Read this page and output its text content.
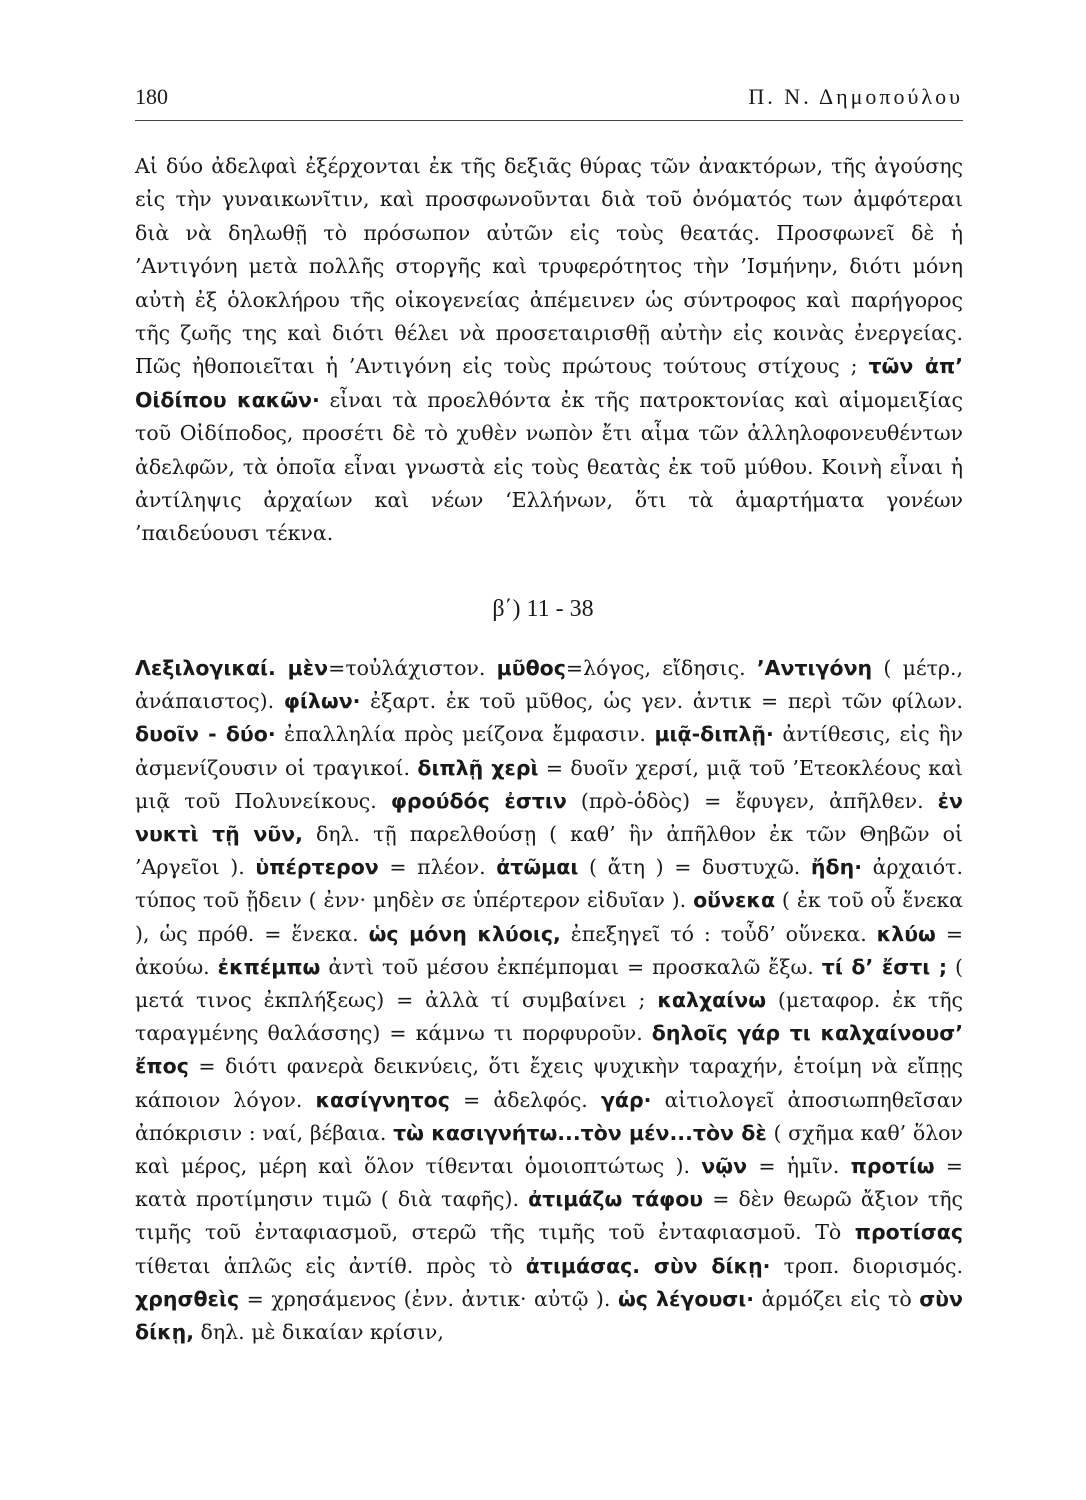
180	Π. Ν. Δημοπούλου
Αἱ δύο ἀδελφαὶ ἐξέρχονται ἐκ τῆς δεξιᾶς θύρας τῶν ἀνακτόρων, τῆς ἀγούσης εἰς τὴν γυναικωνῖτιν, καὶ προσφωνοῦνται διὰ τοῦ ὀνόματός των ἀμφότεραι διὰ νὰ δηλωθῇ τὸ πρόσωπον αὐτῶν εἰς τοὺς θεατάς. Προσφωνεῖ δὲ ἡ ’Αντιγόνη μετὰ πολλῆς στοργῆς καὶ τρυφερότητος τὴν ’Ισμήνην, διότι μόνη αὐτὴ ἐξ ὁλοκλήρου τῆς οἰκογενείας ἀπέμεινεν ὡς σύντροφος καὶ παρήγορος τῆς ζωῆς της καὶ διότι θέλει νὰ προσεταιρισθῇ αὐτὴν εἰς κοινὰς ἐνεργείας. Πῶς ἠθοποιεῖται ἡ ’Αντιγόνη εἰς τοὺς πρώτους τούτους στίχους ; τῶν ἀπ’ Οἰδίπου κακῶν· εἶναι τὰ προελθόντα ἐκ τῆς πατροκτονίας καὶ αἱμομειξίας τοῦ Οἰδίποδος, προσέτι δὲ τὸ χυθὲν νωπὸν ἔτι αἷμα τῶν ἀλληλοφονευθέντων ἀδελφῶν, τὰ ὁποῖα εἶναι γνωστὰ εἰς τοὺς θεατὰς ἐκ τοῦ μύθου. Κοινὴ εἶναι ἡ ἀντίληψις ἀρχαίων καὶ νέων ‘Ελλήνων, ὅτι τὰ ἁμαρτήματα γονέων ’παιδεύουσι τέκνα.
β΄) 11 - 38
Λεξιλογικαί. μὲν=τοὐλάχιστον. μῦθος=λόγος, εἴδησις. ’Αντιγόνη ( μέτρ., ἀνάπαιστος). φίλων· ἐξαρτ. ἐκ τοῦ μῦθος, ὡς γεν. ἀντικ = περὶ τῶν φίλων. δυοῖν - δύο· ἐπαλληλία πρὸς μείζονα ἔμφασιν. μιᾷ-διπλῇ· ἀντίθεσις, εἰς ἣν ἀσμενίζουσιν οἱ τραγικοί. διπλῇ χερὶ = δυοῖν χερσί, μιᾷ τοῦ ’Ετεοκλέους καὶ μιᾷ τοῦ Πολυνείκους. φρούδός ἐστιν (πρὸ-ὁδὸς) = ἔφυγεν, ἀπῆλθεν. ἐν νυκτὶ τῇ νῦν, δηλ. τῇ παρελθούσῃ ( καθ’ ἣν ἀπῆλθον ἐκ τῶν Θηβῶν οἱ ’Αργεῖοι ). ὑπέρτερον = πλέον. ἀτῶμαι ( ἄτη ) = δυστυχῶ. ἤδη· ἀρχαιότ. τύπος τοῦ ᾔδειν ( ἐνν· μηδὲν σε ὑπέρτερον εἰδυῖαν ). οὕνεκα ( ἐκ τοῦ οὗ ἕνεκα ), ὡς πρόθ. = ἕνεκα. ὡς μόνη κλύοις, ἐπεξηγεῖ τό : τοὖδ’ οὕνεκα. κλύω = ἀκούω. ἐκπέμπω ἀντὶ τοῦ μέσου ἐκπέμπομαι = προσκαλῶ ἔξω. τί δ’ ἔστι ; ( μετά τινος ἐκπλήξεως) = ἀλλὰ τί συμβαίνει ; καλχαίνω (μεταφορ. ἐκ τῆς ταραγμένης θαλάσσης) = κάμνω τι πορφυροῦν. δηλοῖς γάρ τι καλχαίνουσ’ ἔπος = διότι φανερὰ δεικνύεις, ὅτι ἔχεις ψυχικὴν ταραχήν, ἑτοίμη νὰ εἴπῃς κάποιον λόγον. κασίγνητος = ἀδελφός. γάρ· αἰτιολογεῖ ἀποσιωπηθεῖσαν ἀπόκρισιν : ναί, βέβαια. τὼ κασιγνήτω...τὸν μέν...τὸν δὲ ( σχῆμα καθ’ ὅλον καὶ μέρος, μέρη καὶ ὅλον τίθενται ὁμοιοπτώτως ). νῷν = ἡμῖν. προτίω = κατὰ προτίμησιν τιμῶ ( διὰ ταφῆς). ἀτιμάζω τάφου = δὲν θεωρῶ ἄξιον τῆς τιμῆς τοῦ ἐνταφιασμοῦ, στερῶ τῆς τιμῆς τοῦ ἐνταφιασμοῦ. Τὸ προτίσας τίθεται ἁπλῶς εἰς ἀντίθ. πρὸς τὸ ἀτιμάσας. σὺν δίκῃ· τροπ. διορισμός. χρησθεὶς = χρησάμενος (ἐνν. ἀντικ· αὐτῷ ). ὡς λέγουσι· ἁρμόζει εἰς τὸ σὺν δίκῃ, δηλ. μὲ δικαίαν κρίσιν,
